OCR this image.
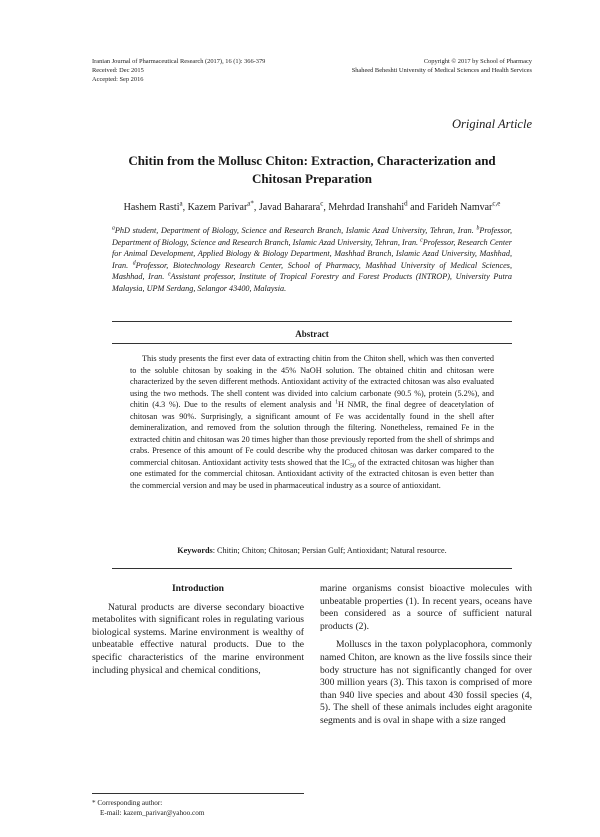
Iranian Journal of Pharmaceutical Research (2017), 16 (1): 366-379
Received: Dec 2015
Accepted: Sep 2016
Copyright © 2017 by School of Pharmacy
Shaheed Beheshti University of Medical Sciences and Health Services
Original Article
Chitin from the Mollusc Chiton: Extraction, Characterization and
Chitosan Preparation
Hashem Rasti$^a$, Kazem Parivar$^{a*}$, Javad Baharara$^c$, Mehrdad Iranshahi$^d$ and Farideh Namvar$^{c,e}$
$^a$PhD student, Department of Biology, Science and Research Branch, Islamic Azad University, Tehran, Iran. $^b$Professor, Department of Biology, Science and Research Branch, Islamic Azad University, Tehran, Iran. $^c$Professor, Research Center for Animal Development, Applied Biology & Biology Department, Mashhad Branch, Islamic Azad University, Mashhad, Iran. $^d$Professor, Biotechnology Research Center, School of Pharmacy, Mashhad University of Medical Sciences, Mashhad, Iran. $^e$Assistant professor, Institute of Tropical Forestry and Forest Products (INTROP), University Putra Malaysia, UPM Serdang, Selangor 43400, Malaysia.
Abstract

This study presents the first ever data of extracting chitin from the Chiton shell, which was then converted to the soluble chitosan by soaking in the 45% NaOH solution. The obtained chitin and chitosan were characterized by the seven different methods. Antioxidant activity of the extracted chitosan was also evaluated using the two methods. The shell content was divided into calcium carbonate (90.5 %), protein (5.2%), and chitin (4.3 %). Due to the results of element analysis and $^1$H NMR, the final degree of deacetylation of chitosan was 90%. Surprisingly, a significant amount of Fe was accidentally found in the shell after demineralization, and removed from the solution through the filtering. Nonetheless, remained Fe in the extracted chitin and chitosan was 20 times higher than those previously reported from the shell of shrimps and crabs. Presence of this amount of Fe could describe why the produced chitosan was darker compared to the commercial chitosan. Antioxidant activity tests showed that the $IC_{50}$ of the extracted chitosan was higher than one estimated for the commercial chitosan. Antioxidant activity of the extracted chitosan is even better than the commercial version and may be used in pharmaceutical industry as a source of antioxidant.

Keywords: Chitin; Chiton; Chitosan; Persian Gulf; Antioxidant; Natural resource.
Introduction

Natural products are diverse secondary bioactive metabolites with significant roles in regulating various biological systems. Marine environment is wealthy of unbeatable effective natural products. Due to the specific characteristics of the marine environment including physical and chemical conditions,

marine organisms consist bioactive molecules with unbeatable properties (1). In recent years, oceans have been considered as a source of sufficient natural products (2).

Molluscs in the taxon polyplacophora, commonly named Chiton, are known as the live fossils since their body structure has not significantly changed for over 300 million years (3). This taxon is comprised of more than 940 live species and about 430 fossil species (4, 5). The shell of these animals includes eight aragonite segments and is oval in shape with a size ranged

* Corresponding author:
E-mail: kazem_parivar@yahoo.com
